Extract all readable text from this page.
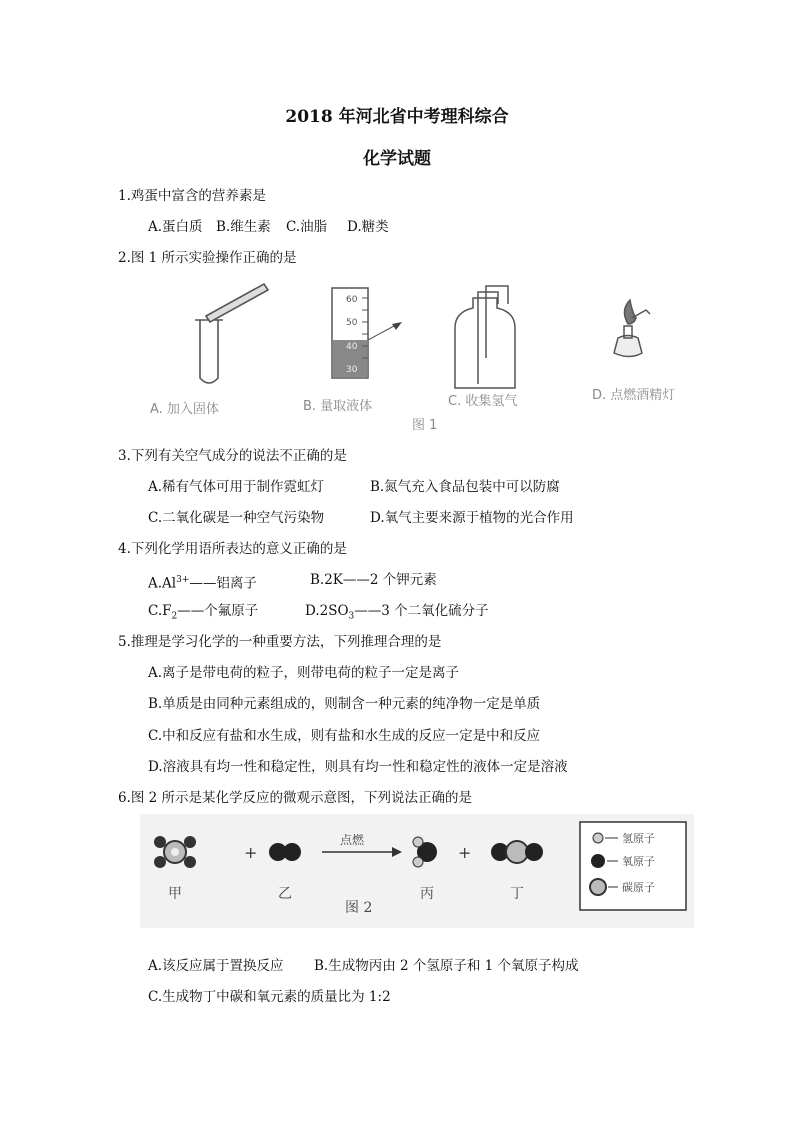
2018 年河北省中考理科综合
化学试题
1.鸡蛋中富含的营养素是
A.蛋白质 B.维生素 C.油脂 D.糖类
2.图 1 所示实验操作正确的是
60
50
40
30
A. 加入固体	B. 量取液体	C. 收集氢气	D. 点燃酒精灯
图 1
3.下列有关空气成分的说法不正确的是
A.稀有气体可用于制作霓虹灯	B.氮气充入食品包装中可以防腐
C.二氧化碳是一种空气污染物	D.氧气主要来源于植物的光合作用
4.下列化学用语所表达的意义正确的是
$A.Al^{3+}——$铝离子	B.2K——2 个钾元素
$C.F_2——$个氟原子	$D.2SO_3——3$ 个二氧化硫分子
5.推理是学习化学的一种重要方法，下列推理合理的是
A.离子是带电荷的粒子，则带电荷的粒子一定是离子
B.单质是由同种元素组成的，则制含一种元素的纯净物一定是单质
C.中和反应有盐和水生成，则有盐和水生成的反应一定是中和反应
D.溶液具有均一性和稳定性，则具有均一性和稳定性的液体一定是溶液
6.图 2 所示是某化学反应的微观示意图，下列说法正确的是
+
点燃
+
氢原子
氧原子
碳原子
甲	乙	丙	丁
图 2
A.该反应属于置换反应 B.生成物丙由 2 个氢原子和 1 个氧原子构成
C.生成物丁中碳和氧元素的质量比为 1:2
